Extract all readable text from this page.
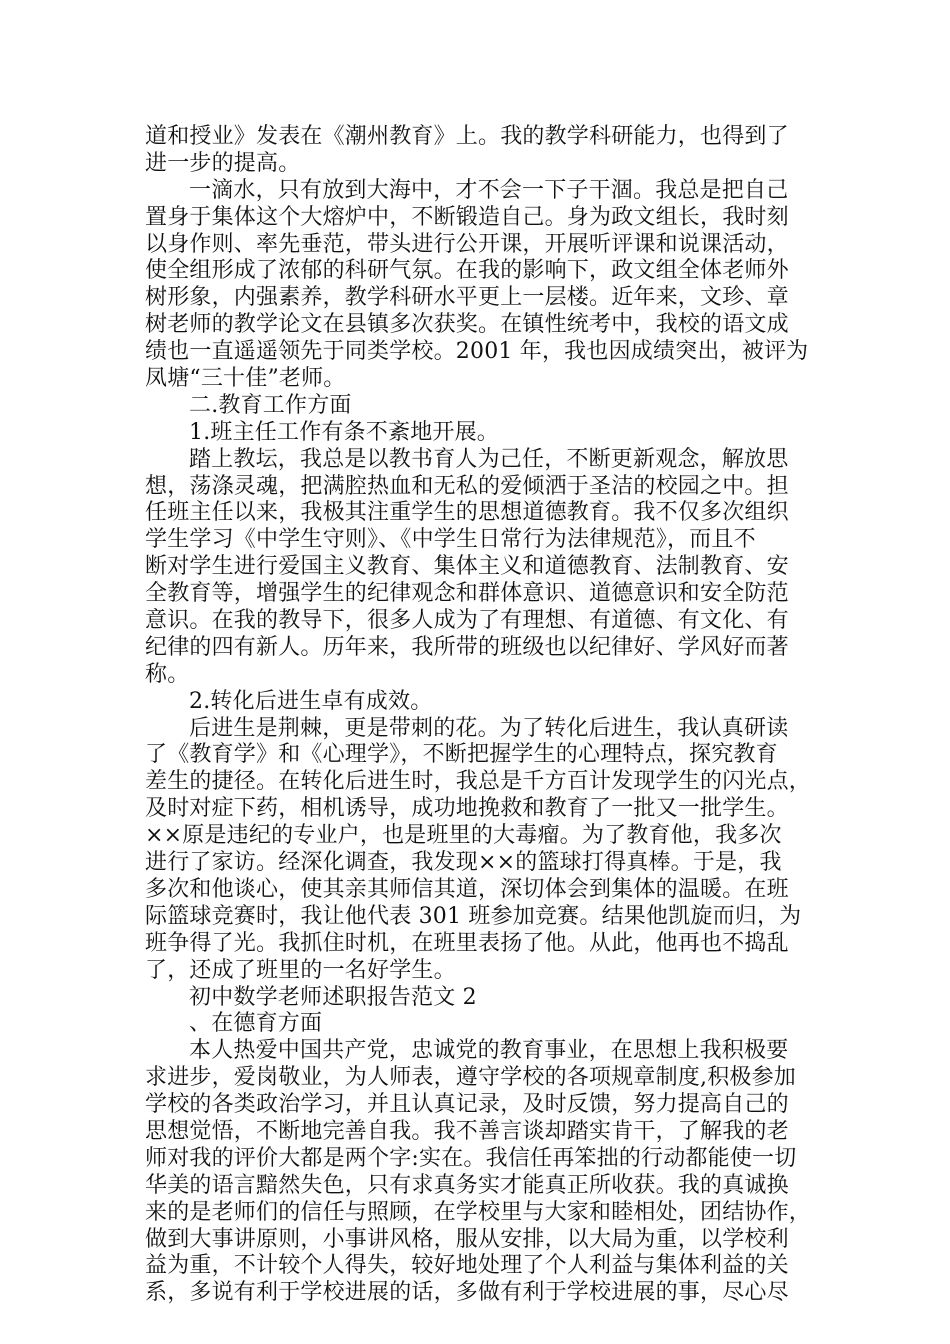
道和授业》发表在《潮州教育》上。我的教学科研能力，也得到了
进一步的提高。
一滴水，只有放到大海中，才不会一下子干涸。我总是把自己
置身于集体这个大熔炉中，不断锻造自己。身为政文组长，我时刻
以身作则、率先垂范，带头进行公开课，开展听评课和说课活动，
使全组形成了浓郁的科研气氛。在我的影响下，政文组全体老师外
树形象，内强素养，教学科研水平更上一层楼。近年来，文珍、章
树老师的教学论文在县镇多次获奖。在镇性统考中，我校的语文成
绩也一直遥遥领先于同类学校。2001 年，我也因成绩突出，被评为
凤塘“三十佳”老师。
二.教育工作方面
1.班主任工作有条不紊地开展。
踏上教坛，我总是以教书育人为己任，不断更新观念，解放思
想，荡涤灵魂，把满腔热血和无私的爱倾洒于圣洁的校园之中。担
任班主任以来，我极其注重学生的思想道德教育。我不仅多次组织
学生学习《中学生守则》、《中学生日常行为法律规范》，而且不
断对学生进行爱国主义教育、集体主义和道德教育、法制教育、安
全教育等，增强学生的纪律观念和群体意识、道德意识和安全防范
意识。在我的教导下，很多人成为了有理想、有道德、有文化、有
纪律的四有新人。历年来，我所带的班级也以纪律好、学风好而著
称。
2.转化后进生卓有成效。
后进生是荆棘，更是带刺的花。为了转化后进生，我认真研读
了《教育学》和《心理学》，不断把握学生的心理特点，探究教育
差生的捷径。在转化后进生时，我总是千方百计发现学生的闪光点，
及时对症下药，相机诱导，成功地挽救和教育了一批又一批学生。
××原是违纪的专业户，也是班里的大毒瘤。为了教育他，我多次
进行了家访。经深化调查，我发现××的篮球打得真棒。于是，我
多次和他谈心，使其亲其师信其道，深切体会到集体的温暖。在班
际篮球竞赛时，我让他代表 301 班参加竞赛。结果他凯旋而归，为
班争得了光。我抓住时机，在班里表扬了他。从此，他再也不捣乱
了，还成了班里的一名好学生。
初中数学老师述职报告范文 2
、在德育方面
本人热爱中国共产党，忠诚党的教育事业，在思想上我积极要
求进步，爱岗敬业，为人师表，遵守学校的各项规章制度,积极参加
学校的各类政治学习，并且认真记录，及时反馈，努力提高自己的
思想觉悟，不断地完善自我。我不善言谈却踏实肯干，了解我的老
师对我的评价大都是两个字:实在。我信任再笨拙的行动都能使一切
华美的语言黯然失色，只有求真务实才能真正所收获。我的真诚换
来的是老师们的信任与照顾，在学校里与大家和睦相处，团结协作，
做到大事讲原则，小事讲风格，服从安排，以大局为重，以学校利
益为重，不计较个人得失，较好地处理了个人利益与集体利益的关
系，多说有利于学校进展的话，多做有利于学校进展的事，尽心尽
